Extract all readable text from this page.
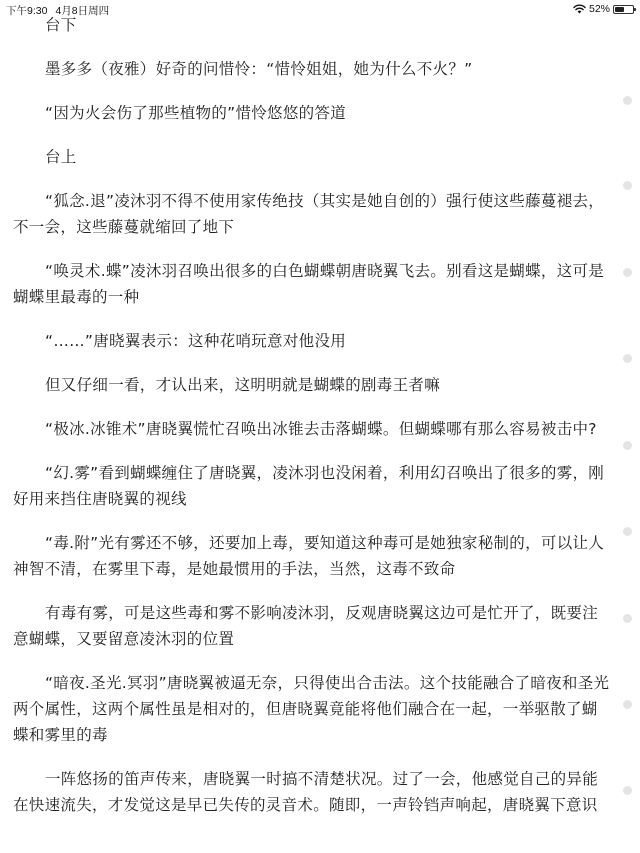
下午9:30 4月8日周四	52%

台下

墨多多（夜雅）好奇的问惜怜：“惜怜姐姐，她为什么不火？”

“因为火会伤了那些植物的”惜怜悠悠的答道

台上

“狐念.退”凌沐羽不得不使用家传绝技（其实是她自创的）强行使这些藤蔓褪去，不一会，这些藤蔓就缩回了地下

“唤灵术.蝶”凌沐羽召唤出很多的白色蝴蝶朝唐晓翼飞去。别看这是蝴蝶，这可是蝴蝶里最毒的一种

“……”唐晓翼表示：这种花哨玩意对他没用

但又仔细一看，才认出来，这明明就是蝴蝶的剧毒王者嘛

“极冰.冰锥术”唐晓翼慌忙召唤出冰锥去击落蝴蝶。但蝴蝶哪有那么容易被击中?

“幻.雾”看到蝴蝶缠住了唐晓翼，凌沐羽也没闲着，利用幻召唤出了很多的雾，刚好用来挡住唐晓翼的视线

“毒.附”光有雾还不够，还要加上毒，要知道这种毒可是她独家秘制的，可以让人神智不清，在雾里下毒，是她最惯用的手法，当然，这毒不致命

有毒有雾，可是这些毒和雾不影响凌沐羽，反观唐晓翼这边可是忙开了，既要注意蝴蝶，又要留意凌沐羽的位置

“暗夜.圣光.冥羽”唐晓翼被逼无奈，只得使出合击法。这个技能融合了暗夜和圣光两个属性，这两个属性虽是相对的，但唐晓翼竟能将他们融合在一起，一举驱散了蝴蝶和雾里的毒

一阵悠扬的笛声传来，唐晓翼一时搞不清楚状况。过了一会，他感觉自己的异能在快速流失，才发觉这是早已失传的灵音术。随即，一声铃铛声响起，唐晓翼下意识
